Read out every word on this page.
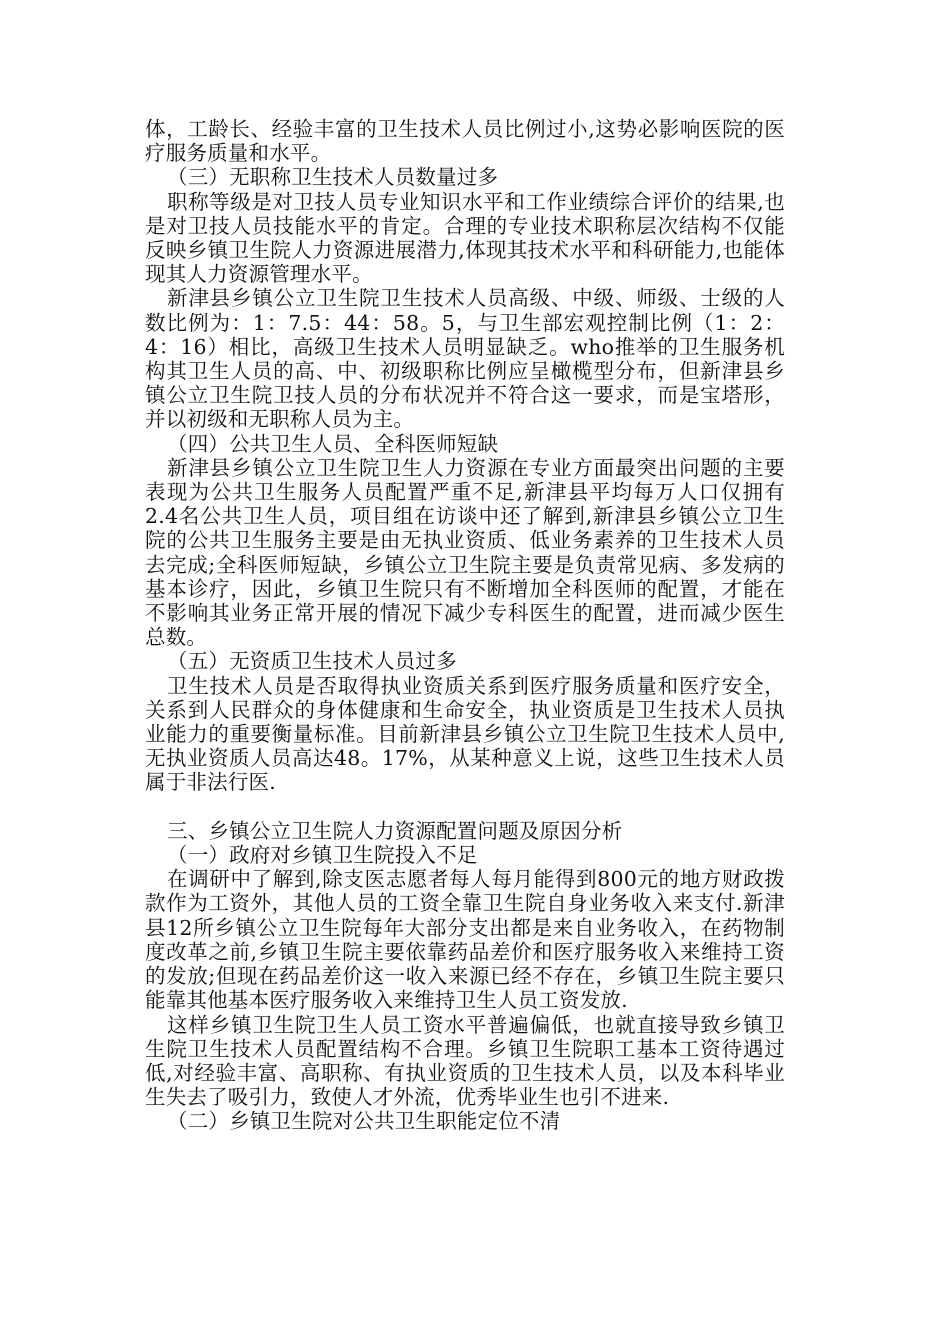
体，工龄长、经验丰富的卫生技术人员比例过小,这势必影响医院的医疗服务质量和水平。

（三）无职称卫生技术人员数量过多

职称等级是对卫技人员专业知识水平和工作业绩综合评价的结果,也是对卫技人员技能水平的肯定。合理的专业技术职称层次结构不仅能反映乡镇卫生院人力资源进展潜力,体现其技术水平和科研能力,也能体现其人力资源管理水平。

新津县乡镇公立卫生院卫生技术人员高级、中级、师级、士级的人数比例为：1：7.5：44：58。5，与卫生部宏观控制比例（1：2：4：16）相比，高级卫生技术人员明显缺乏。who推举的卫生服务机构其卫生人员的高、中、初级职称比例应呈橄榄型分布，但新津县乡镇公立卫生院卫技人员的分布状况并不符合这一要求，而是宝塔形，并以初级和无职称人员为主。

（四）公共卫生人员、全科医师短缺

新津县乡镇公立卫生院卫生人力资源在专业方面最突出问题的主要表现为公共卫生服务人员配置严重不足,新津县平均每万人口仅拥有2.4名公共卫生人员，项目组在访谈中还了解到,新津县乡镇公立卫生院的公共卫生服务主要是由无执业资质、低业务素养的卫生技术人员去完成;全科医师短缺，乡镇公立卫生院主要是负责常见病、多发病的基本诊疗，因此，乡镇卫生院只有不断增加全科医师的配置，才能在不影响其业务正常开展的情况下减少专科医生的配置，进而减少医生总数。

（五）无资质卫生技术人员过多

卫生技术人员是否取得执业资质关系到医疗服务质量和医疗安全，关系到人民群众的身体健康和生命安全，执业资质是卫生技术人员执业能力的重要衡量标准。目前新津县乡镇公立卫生院卫生技术人员中,无执业资质人员高达48。17%，从某种意义上说，这些卫生技术人员属于非法行医.

三、乡镇公立卫生院人力资源配置问题及原因分析

（一）政府对乡镇卫生院投入不足

在调研中了解到,除支医志愿者每人每月能得到800元的地方财政拨款作为工资外，其他人员的工资全靠卫生院自身业务收入来支付.新津县12所乡镇公立卫生院每年大部分支出都是来自业务收入，在药物制度改革之前,乡镇卫生院主要依靠药品差价和医疗服务收入来维持工资的发放;但现在药品差价这一收入来源已经不存在，乡镇卫生院主要只能靠其他基本医疗服务收入来维持卫生人员工资发放.

这样乡镇卫生院卫生人员工资水平普遍偏低，也就直接导致乡镇卫生院卫生技术人员配置结构不合理。乡镇卫生院职工基本工资待遇过低,对经验丰富、高职称、有执业资质的卫生技术人员，以及本科毕业生失去了吸引力，致使人才外流，优秀毕业生也引不进来.

（二）乡镇卫生院对公共卫生职能定位不清
